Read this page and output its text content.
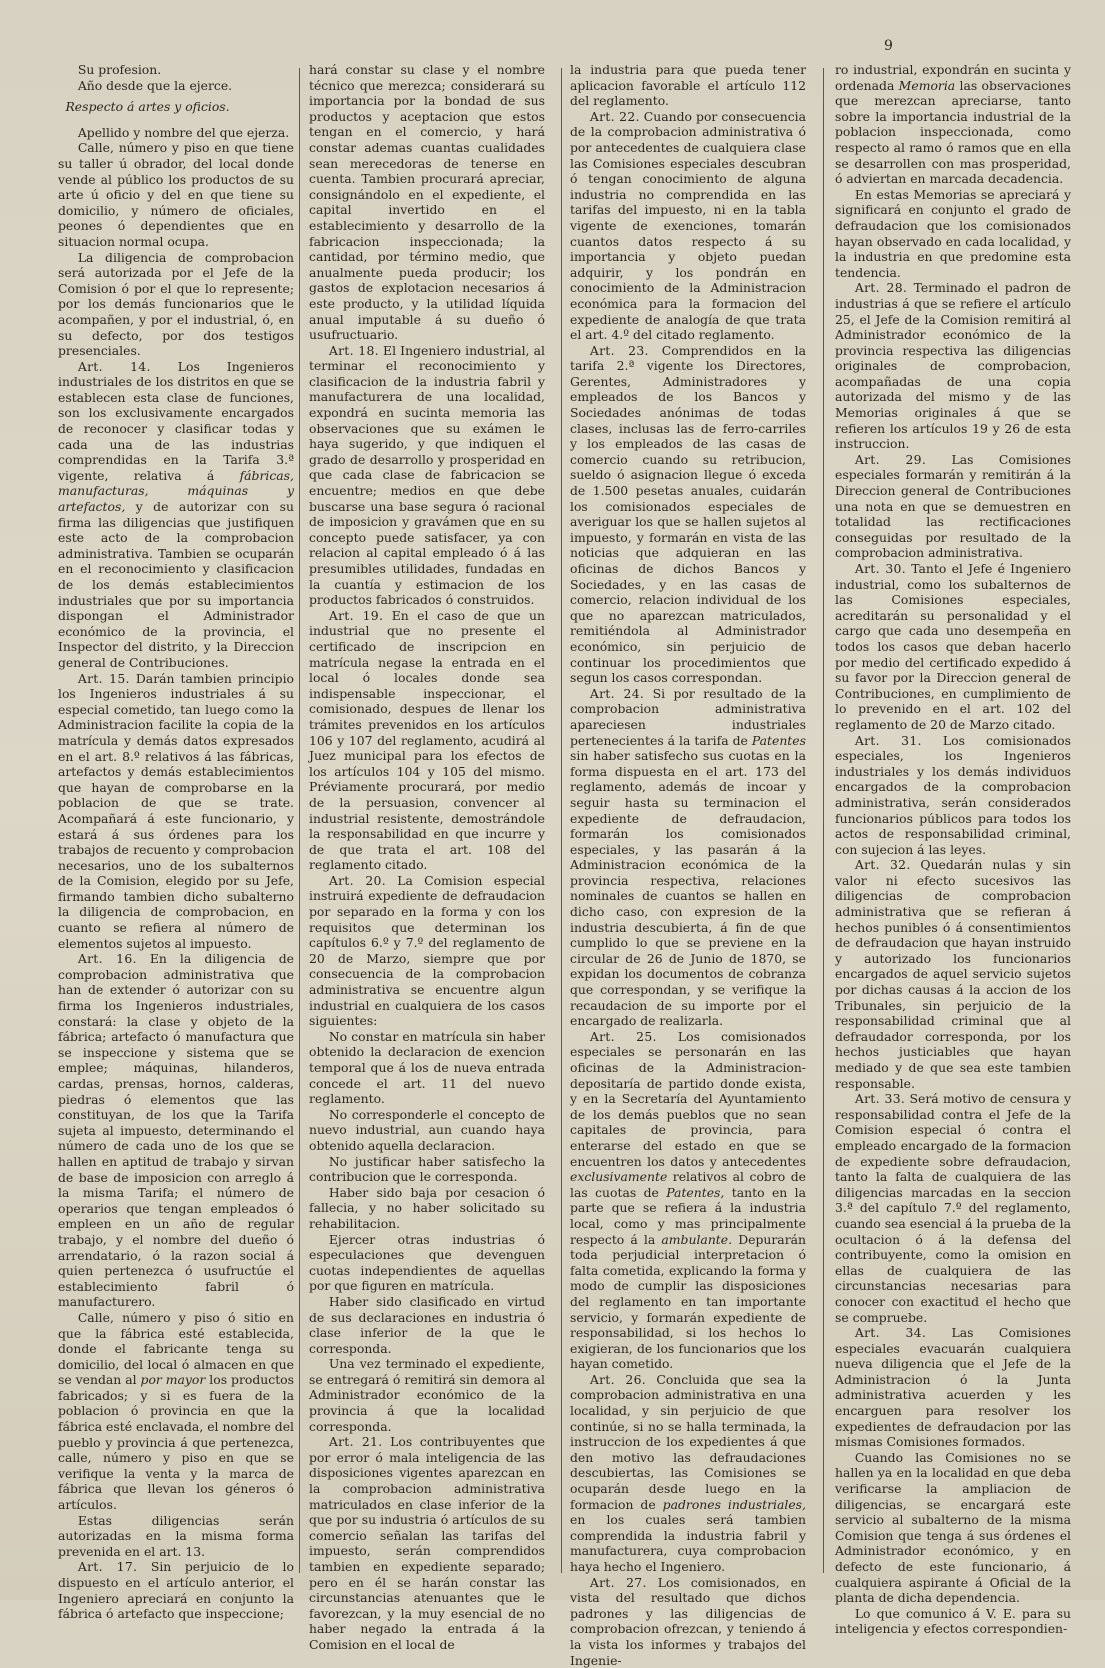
9

Su profesion.

Año desde que la ejerce.

Respecto á artes y oficios.

Apellido y nombre del que ejerza.

Calle, número y piso en que tiene su taller ú obrador, del local donde vende al público los productos de su arte ú oficio y del en que tiene su domicilio, y número de oficiales, peones ó dependientes que en situacion normal ocupa.

La diligencia de comprobacion será autorizada por el Jefe de la Comision ó por el que lo represente; por los demás funcionarios que le acompañen, y por el industrial, ó, en su defecto, por dos testigos presenciales.

Art. 14. Los Ingenieros industriales de los distritos en que se establecen esta clase de funciones, son los exclusivamente encargados de reconocer y clasificar todas y cada una de las industrias comprendidas en la Tarifa 3.ª vigente, relativa á fábricas, manufacturas, máquinas y artefactos, y de autorizar con su firma las diligencias que justifiquen este acto de la comprobacion administrativa. Tambien se ocuparán en el reconocimiento y clasificacion de los demás establecimientos industriales que por su importancia dispongan el Administrador económico de la provincia, el Inspector del distrito, y la Direccion general de Contribuciones.

Art. 15. Darán tambien principio los Ingenieros industriales á su especial cometido, tan luego como la Administracion facilite la copia de la matrícula y demás datos expresados en el art. 8.º relativos á las fábricas, artefactos y demás establecimientos que hayan de comprobarse en la poblacion de que se trate. Acompañará á este funcionario, y estará á sus órdenes para los trabajos de recuento y comprobacion necesarios, uno de los subalternos de la Comision, elegido por su Jefe, firmando tambien dicho subalterno la diligencia de comprobacion, en cuanto se refiera al número de elementos sujetos al impuesto.

Art. 16. En la diligencia de comprobacion administrativa que han de extender ó autorizar con su firma los Ingenieros industriales, constará: la clase y objeto de la fábrica; artefacto ó manufactura que se inspeccione y sistema que se emplee; máquinas, hilanderos, cardas, prensas, hornos, calderas, piedras ó elementos que las constituyan, de los que la Tarifa sujeta al impuesto, determinando el número de cada uno de los que se hallen en aptitud de trabajo y sirvan de base de imposicion con arreglo á la misma Tarifa; el número de operarios que tengan empleados ó empleen en un año de regular trabajo, y el nombre del dueño ó arrendatario, ó la razon social á quien pertenezca ó usufructúe el establecimiento fabril ó manufacturero.

Calle, número y piso ó sitio en que la fábrica esté establecida, donde el fabricante tenga su domicilio, del local ó almacen en que se vendan al por mayor los productos fabricados; y si es fuera de la poblacion ó provincia en que la fábrica esté enclavada, el nombre del pueblo y provincia á que pertenezca, calle, número y piso en que se verifique la venta y la marca de fábrica que llevan los géneros ó artículos.

Estas diligencias serán autorizadas en la misma forma prevenida en el art. 13.

Art. 17. Sin perjuicio de lo dispuesto en el artículo anterior, el Ingeniero apreciará en conjunto la fábrica ó artefacto que inspeccione;

hará constar su clase y el nombre técnico que merezca; considerará su importancia por la bondad de sus productos y aceptacion que estos tengan en el comercio, y hará constar ademas cuantas cualidades sean merecedoras de tenerse en cuenta. Tambien procurará apreciar, consignándolo en el expediente, el capital invertido en el establecimiento y desarrollo de la fabricacion inspeccionada; la cantidad, por término medio, que anualmente pueda producir; los gastos de explotacion necesarios á este producto, y la utilidad líquida anual imputable á su dueño ó usufructuario.

Art. 18. El Ingeniero industrial, al terminar el reconocimiento y clasificacion de la industria fabril y manufacturera de una localidad, expondrá en sucinta memoria las observaciones que su exámen le haya sugerido, y que indiquen el grado de desarrollo y prosperidad en que cada clase de fabricacion se encuentre; medios en que debe buscarse una base segura ó racional de imposicion y gravámen que en su concepto puede satisfacer, ya con relacion al capital empleado ó á las presumibles utilidades, fundadas en la cuantía y estimacion de los productos fabricados ó construidos.

Art. 19. En el caso de que un industrial que no presente el certificado de inscripcion en matrícula negase la entrada en el local ó locales donde sea indispensable inspeccionar, el comisionado, despues de llenar los trámites prevenidos en los artículos 106 y 107 del reglamento, acudirá al Juez municipal para los efectos de los artículos 104 y 105 del mismo. Préviamente procurará, por medio de la persuasion, convencer al industrial resistente, demostrándole la responsabilidad en que incurre y de que trata el art. 108 del reglamento citado.

Art. 20. La Comision especial instruirá expediente de defraudacion por separado en la forma y con los requisitos que determinan los capítulos 6.º y 7.º del reglamento de 20 de Marzo, siempre que por consecuencia de la comprobacion administrativa se encuentre algun industrial en cualquiera de los casos siguientes:

No constar en matrícula sin haber obtenido la declaracion de exencion temporal que á los de nueva entrada concede el art. 11 del nuevo reglamento.

No corresponderle el concepto de nuevo industrial, aun cuando haya obtenido aquella declaracion.

No justificar haber satisfecho la contribucion que le corresponda.

Haber sido baja por cesacion ó fallecia, y no haber solicitado su rehabilitacion.

Ejercer otras industrias ó especulaciones que devenguen cuotas independientes de aquellas por que figuren en matrícula.

Haber sido clasificado en virtud de sus declaraciones en industria ó clase inferior de la que le corresponda.

Una vez terminado el expediente, se entregará ó remitirá sin demora al Administrador económico de la provincia á que la localidad corresponda.

Art. 21. Los contribuyentes que por error ó mala inteligencia de las disposiciones vigentes aparezcan en la comprobacion administrativa matriculados en clase inferior de la que por su industria ó artículos de su comercio señalan las tarifas del impuesto, serán comprendidos tambien en expediente separado; pero en él se harán constar las circunstancias atenuantes que le favorezcan, y la muy esencial de no haber negado la entrada á la Comision en el local de

la industria para que pueda tener aplicacion favorable el artículo 112 del reglamento.

Art. 22. Cuando por consecuencia de la comprobacion administrativa ó por antecedentes de cualquiera clase las Comisiones especiales descubran ó tengan conocimiento de alguna industria no comprendida en las tarifas del impuesto, ni en la tabla vigente de exenciones, tomarán cuantos datos respecto á su importancia y objeto puedan adquirir, y los pondrán en conocimiento de la Administracion económica para la formacion del expediente de analogía de que trata el art. 4.º del citado reglamento.

Art. 23. Comprendidos en la tarifa 2.ª vigente los Directores, Gerentes, Administradores y empleados de los Bancos y Sociedades anónimas de todas clases, inclusas las de ferro-carriles y los empleados de las casas de comercio cuando su retribucion, sueldo ó asignacion llegue ó exceda de 1.500 pesetas anuales, cuidarán los comisionados especiales de averiguar los que se hallen sujetos al impuesto, y formarán en vista de las noticias que adquieran en las oficinas de dichos Bancos y Sociedades, y en las casas de comercio, relacion individual de los que no aparezcan matriculados, remitiéndola al Administrador económico, sin perjuicio de continuar los procedimientos que segun los casos correspondan.

Art. 24. Si por resultado de la comprobacion administrativa apareciesen industriales pertenecientes á la tarifa de Patentes sin haber satisfecho sus cuotas en la forma dispuesta en el art. 173 del reglamento, además de incoar y seguir hasta su terminacion el expediente de defraudacion, formarán los comisionados especiales, y las pasarán á la Administracion económica de la provincia respectiva, relaciones nominales de cuantos se hallen en dicho caso, con expresion de la industria descubierta, á fin de que cumplido lo que se previene en la circular de 26 de Junio de 1870, se expidan los documentos de cobranza que correspondan, y se verifique la recaudacion de su importe por el encargado de realizarla.

Art. 25. Los comisionados especiales se personarán en las oficinas de la Administracion-depositaría de partido donde exista, y en la Secretaría del Ayuntamiento de los demás pueblos que no sean capitales de provincia, para enterarse del estado en que se encuentren los datos y antecedentes exclusivamente relativos al cobro de las cuotas de Patentes, tanto en la parte que se refiera á la industria local, como y mas principalmente respecto á la ambulante. Depurarán toda perjudicial interpretacion ó falta cometida, explicando la forma y modo de cumplir las disposiciones del reglamento en tan importante servicio, y formarán expediente de responsabilidad, si los hechos lo exigieran, de los funcionarios que los hayan cometido.

Art. 26. Concluida que sea la comprobacion administrativa en una localidad, y sin perjuicio de que continúe, si no se halla terminada, la instruccion de los expedientes á que den motivo las defraudaciones descubiertas, las Comisiones se ocuparán desde luego en la formacion de padrones industriales, en los cuales será tambien comprendida la industria fabril y manufacturera, cuya comprobacion haya hecho el Ingeniero.

Art. 27. Los comisionados, en vista del resultado que dichos padrones y las diligencias de comprobacion ofrezcan, y teniendo á la vista los informes y trabajos del Ingenie-

ro industrial, expondrán en sucinta y ordenada Memoria las observaciones que merezcan apreciarse, tanto sobre la importancia industrial de la poblacion inspeccionada, como respecto al ramo ó ramos que en ella se desarrollen con mas prosperidad, ó adviertan en marcada decadencia.

En estas Memorias se apreciará y significará en conjunto el grado de defraudacion que los comisionados hayan observado en cada localidad, y la industria en que predomine esta tendencia.

Art. 28. Terminado el padron de industrias á que se refiere el artículo 25, el Jefe de la Comision remitirá al Administrador económico de la provincia respectiva las diligencias originales de comprobacion, acompañadas de una copia autorizada del mismo y de las Memorias originales á que se refieren los artículos 19 y 26 de esta instruccion.

Art. 29. Las Comisiones especiales formarán y remitirán á la Direccion general de Contribuciones una nota en que se demuestren en totalidad las rectificaciones conseguidas por resultado de la comprobacion administrativa.

Art. 30. Tanto el Jefe é Ingeniero industrial, como los subalternos de las Comisiones especiales, acreditarán su personalidad y el cargo que cada uno desempeña en todos los casos que deban hacerlo por medio del certificado expedido á su favor por la Direccion general de Contribuciones, en cumplimiento de lo prevenido en el art. 102 del reglamento de 20 de Marzo citado.

Art. 31. Los comisionados especiales, los Ingenieros industriales y los demás individuos encargados de la comprobacion administrativa, serán considerados funcionarios públicos para todos los actos de responsabilidad criminal, con sujecion á las leyes.

Art. 32. Quedarán nulas y sin valor ni efecto sucesivos las diligencias de comprobacion administrativa que se refieran á hechos punibles ó á consentimientos de defraudacion que hayan instruido y autorizado los funcionarios encargados de aquel servicio sujetos por dichas causas á la accion de los Tribunales, sin perjuicio de la responsabilidad criminal que al defraudador corresponda, por los hechos justiciables que hayan mediado y de que sea este tambien responsable.

Art. 33. Será motivo de censura y responsabilidad contra el Jefe de la Comision especial ó contra el empleado encargado de la formacion de expediente sobre defraudacion, tanto la falta de cualquiera de las diligencias marcadas en la seccion 3.ª del capítulo 7.º del reglamento, cuando sea esencial á la prueba de la ocultacion ó á la defensa del contribuyente, como la omision en ellas de cualquiera de las circunstancias necesarias para conocer con exactitud el hecho que se compruebe.

Art. 34. Las Comisiones especiales evacuarán cualquiera nueva diligencia que el Jefe de la Administracion ó la Junta administrativa acuerden y les encarguen para resolver los expedientes de defraudacion por las mismas Comisiones formados.

Cuando las Comisiones no se hallen ya en la localidad en que deba verificarse la ampliacion de diligencias, se encargará este servicio al subalterno de la misma Comision que tenga á sus órdenes el Administrador económico, y en defecto de este funcionario, á cualquiera aspirante á Oficial de la planta de dicha dependencia.

Lo que comunico á V. E. para su inteligencia y efectos correspondien-
